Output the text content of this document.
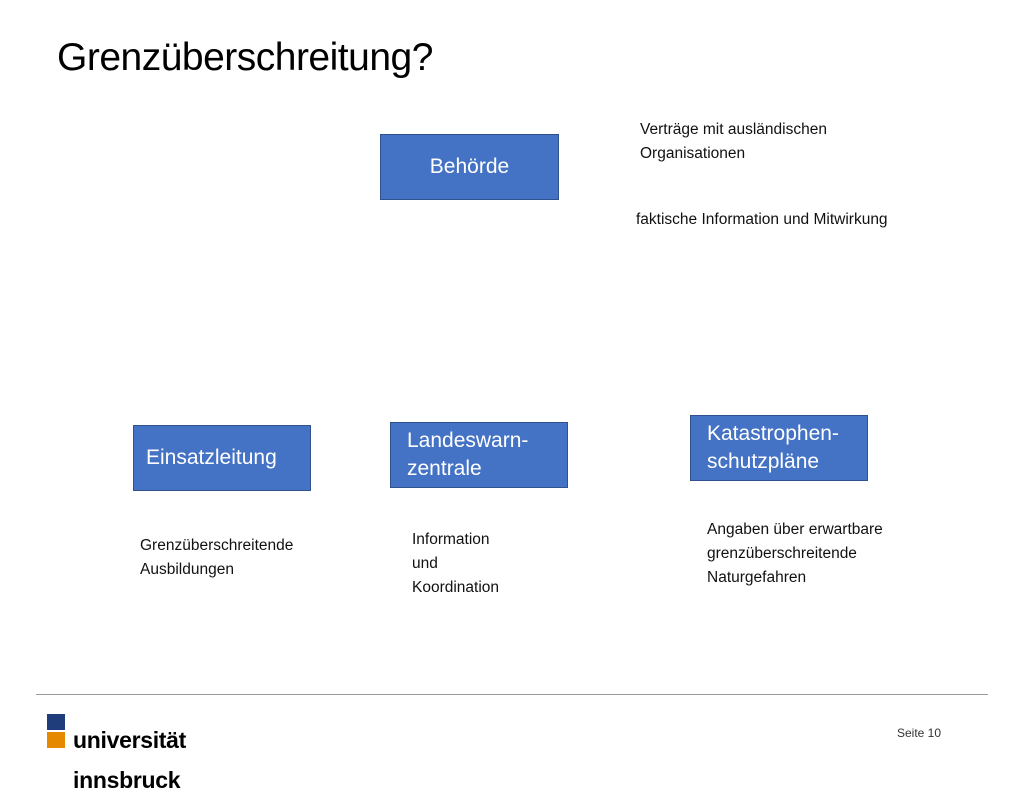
Grenzüberschreitung?
Behörde
Verträge mit ausländischen
Organisationen
faktische Information und Mitwirkung
Einsatzleitung
Landeswarn-
zentrale
Katastrophen-
schutzpläne
Grenzüberschreitende
Ausbildungen
Information
und
Koordination
Angaben über erwartbare
grenzüberschreitende
Naturgefahren

universität

innsbruck

Seite 10
